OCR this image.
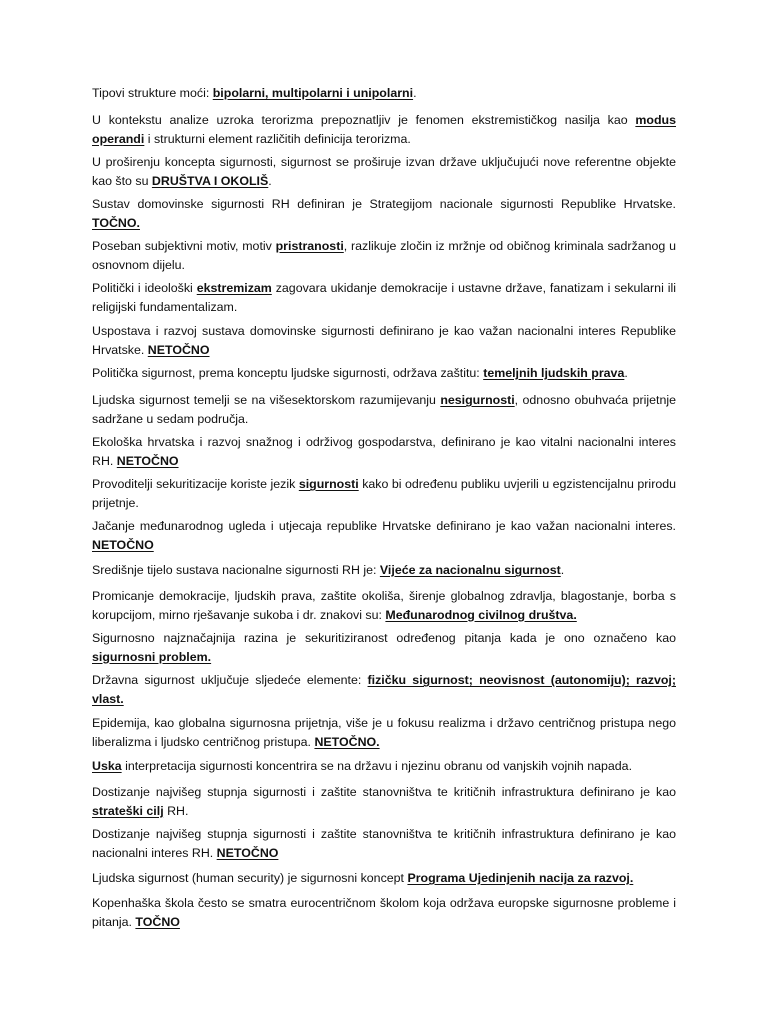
Tipovi strukture moći: bipolarni, multipolarni i unipolarni.

U kontekstu analize uzroka terorizma prepoznatljiv je fenomen ekstremističkog nasilja kao modus operandi i strukturni element različitih definicija terorizma.

U proširenju koncepta sigurnosti, sigurnost se proširuje izvan države uključujući nove referentne objekte kao što su DRUŠTVA I OKOLIŠ.

Sustav domovinske sigurnosti RH definiran je Strategijom nacionale sigurnosti Republike Hrvatske. TOČNO.

Poseban subjektivni motiv, motiv pristranosti, razlikuje zločin iz mržnje od običnog kriminala sadržanog u osnovnom dijelu.

Politički i ideološki ekstremizam zagovara ukidanje demokracije i ustavne države, fanatizam i sekularni ili religijski fundamentalizam.

Uspostava i razvoj sustava domovinske sigurnosti definirano je kao važan nacionalni interes Republike Hrvatske. NETOČNO

Politička sigurnost, prema konceptu ljudske sigurnosti, održava zaštitu: temeljnih ljudskih prava.

Ljudska sigurnost temelji se na višesektorskom razumijevanju nesigurnosti, odnosno obuhvaća prijetnje sadržane u sedam područja.

Ekološka hrvatska i razvoj snažnog i održivog gospodarstva, definirano je kao vitalni nacionalni interes RH. NETOČNO

Provoditelji sekuritizacije koriste jezik sigurnosti kako bi određenu publiku uvjerili u egzistencijalnu prirodu prijetnje.

Jačanje međunarodnog ugleda i utjecaja republike Hrvatske definirano je kao važan nacionalni interes. NETOČNO

Središnje tijelo sustava nacionalne sigurnosti RH je: Vijeće za nacionalnu sigurnost.

Promicanje demokracije, ljudskih prava, zaštite okoliša, širenje globalnog zdravlja, blagostanje, borba s korupcijom, mirno rješavanje sukoba i dr. znakovi su: Međunarodnog civilnog društva.

Sigurnosno najznačajnija razina je sekuritiziranost određenog pitanja kada je ono označeno kao sigurnosni problem.

Državna sigurnost uključuje sljedeće elemente: fizičku sigurnost; neovisnost (autonomiju); razvoj; vlast.

Epidemija, kao globalna sigurnosna prijetnja, više je u fokusu realizma i državo centričnog pristupa nego liberalizma i ljudsko centričnog pristupa. NETOČNO.

Uska interpretacija sigurnosti koncentrira se na državu i njezinu obranu od vanjskih vojnih napada.

Dostizanje najvišeg stupnja sigurnosti i zaštite stanovništva te kritičnih infrastruktura definirano je kao strateški cilj RH.

Dostizanje najvišeg stupnja sigurnosti i zaštite stanovništva te kritičnih infrastruktura definirano je kao nacionalni interes RH. NETOČNO

Ljudska sigurnost (human security) je sigurnosni koncept Programa Ujedinjenih nacija za razvoj.

Kopenhaška škola često se smatra eurocentričnom školom koja održava europske sigurnosne probleme i pitanja. TOČNO
